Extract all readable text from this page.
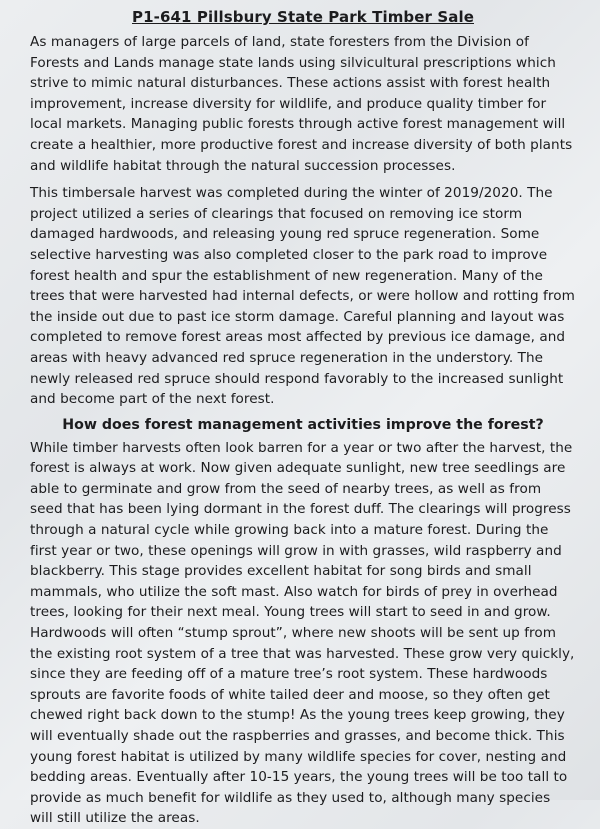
P1-641 Pillsbury State Park Timber Sale

As managers of large parcels of land, state foresters from the Division of Forests and Lands manage state lands using silvicultural prescriptions which strive to mimic natural disturbances. These actions assist with forest health improvement, increase diversity for wildlife, and produce quality timber for local markets. Managing public forests through active forest management will create a healthier, more productive forest and increase diversity of both plants and wildlife habitat through the natural succession processes.

This timbersale harvest was completed during the winter of 2019/2020. The project utilized a series of clearings that focused on removing ice storm damaged hardwoods, and releasing young red spruce regeneration. Some selective harvesting was also completed closer to the park road to improve forest health and spur the establishment of new regeneration. Many of the trees that were harvested had internal defects, or were hollow and rotting from the inside out due to past ice storm damage. Careful planning and layout was completed to remove forest areas most affected by previous ice damage, and areas with heavy advanced red spruce regeneration in the understory. The newly released red spruce should respond favorably to the increased sunlight and become part of the next forest.

How does forest management activities improve the forest?

While timber harvests often look barren for a year or two after the harvest, the forest is always at work. Now given adequate sunlight, new tree seedlings are able to germinate and grow from the seed of nearby trees, as well as from seed that has been lying dormant in the forest duff. The clearings will progress through a natural cycle while growing back into a mature forest. During the first year or two, these openings will grow in with grasses, wild raspberry and blackberry. This stage provides excellent habitat for song birds and small mammals, who utilize the soft mast. Also watch for birds of prey in overhead trees, looking for their next meal. Young trees will start to seed in and grow. Hardwoods will often “stump sprout”, where new shoots will be sent up from the existing root system of a tree that was harvested. These grow very quickly, since they are feeding off of a mature tree’s root system. These hardwoods sprouts are favorite foods of white tailed deer and moose, so they often get chewed right back down to the stump! As the young trees keep growing, they will eventually shade out the raspberries and grasses, and become thick. This young forest habitat is utilized by many wildlife species for cover, nesting and bedding areas. Eventually after 10-15 years, the young trees will be too tall to provide as much benefit for wildlife as they used to, although many species will still utilize the areas.
